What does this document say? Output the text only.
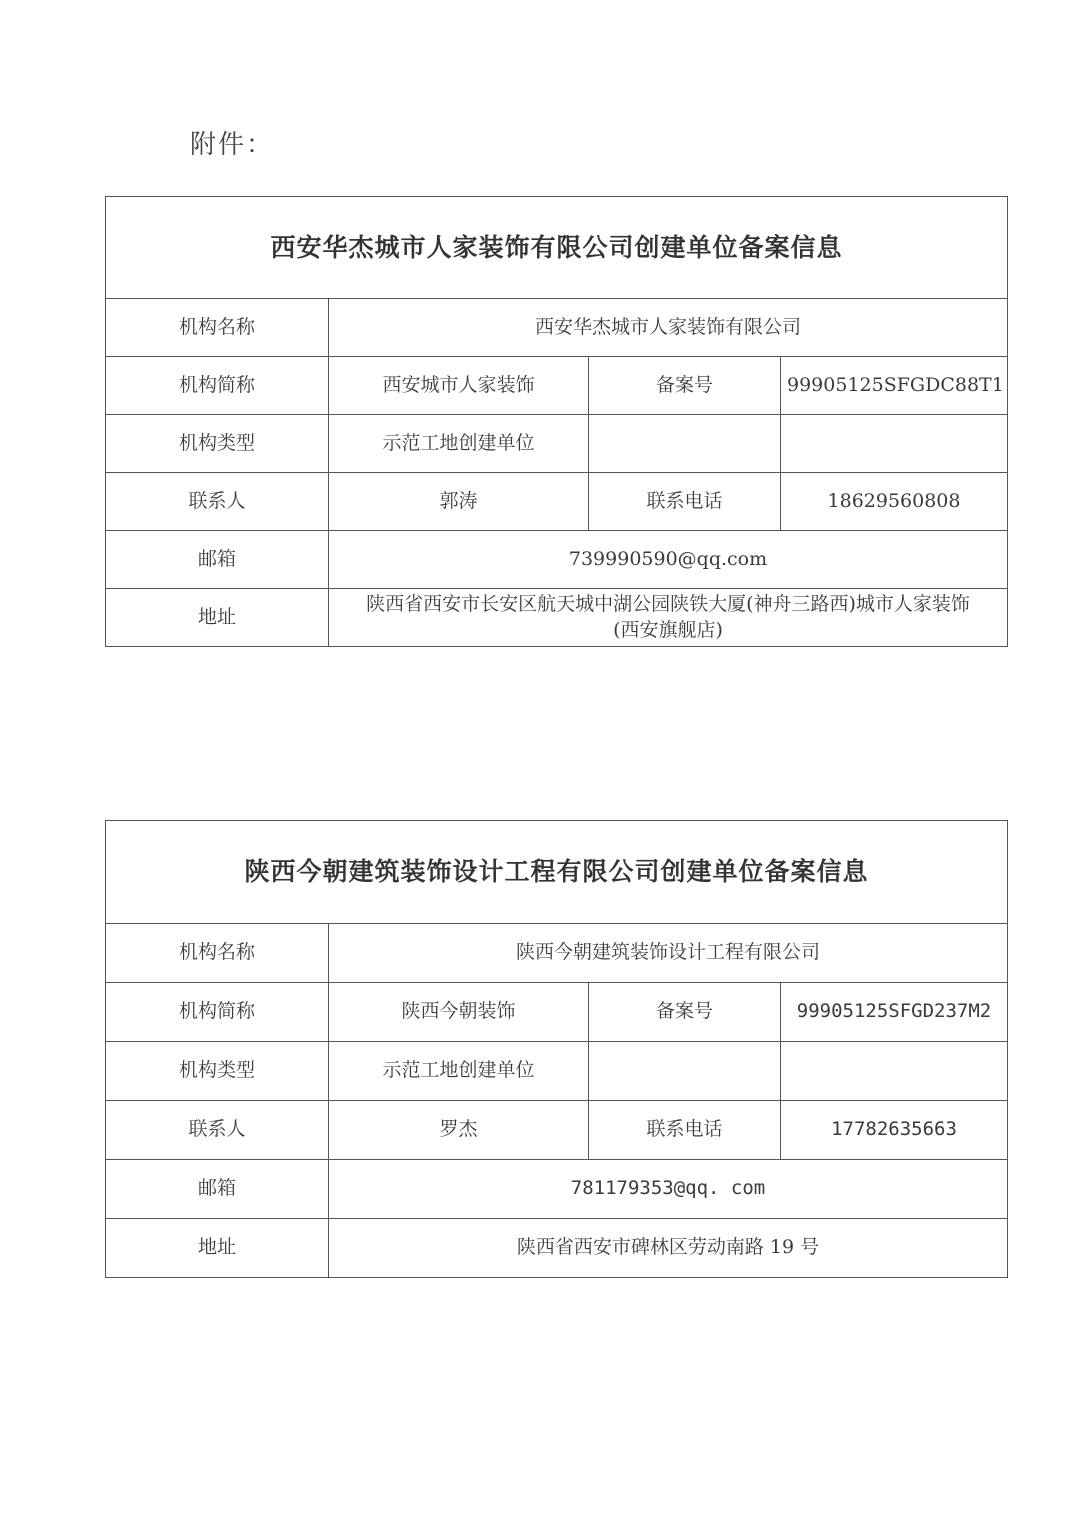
附件：
西安华杰城市人家装饰有限公司创建单位备案信息			
机构名称	西安华杰城市人家装饰有限公司		
机构简称	西安城市人家装饰	备案号	99905125SFGDC88T1
机构类型	示范工地创建单位		
联系人	郭涛	联系电话	18629560808
邮箱	739990590@qq.com		
地址	陕西省西安市长安区航天城中湖公园陕铁大厦(神舟三路西)城市人家装饰
(西安旗舰店)		
陕西今朝建筑装饰设计工程有限公司创建单位备案信息			
机构名称	陕西今朝建筑装饰设计工程有限公司		
机构简称	陕西今朝装饰	备案号	99905125SFGD237M2
机构类型	示范工地创建单位		
联系人	罗杰	联系电话	17782635663
邮箱	781179353@qq. com		
地址	陕西省西安市碑林区劳动南路 19 号		
